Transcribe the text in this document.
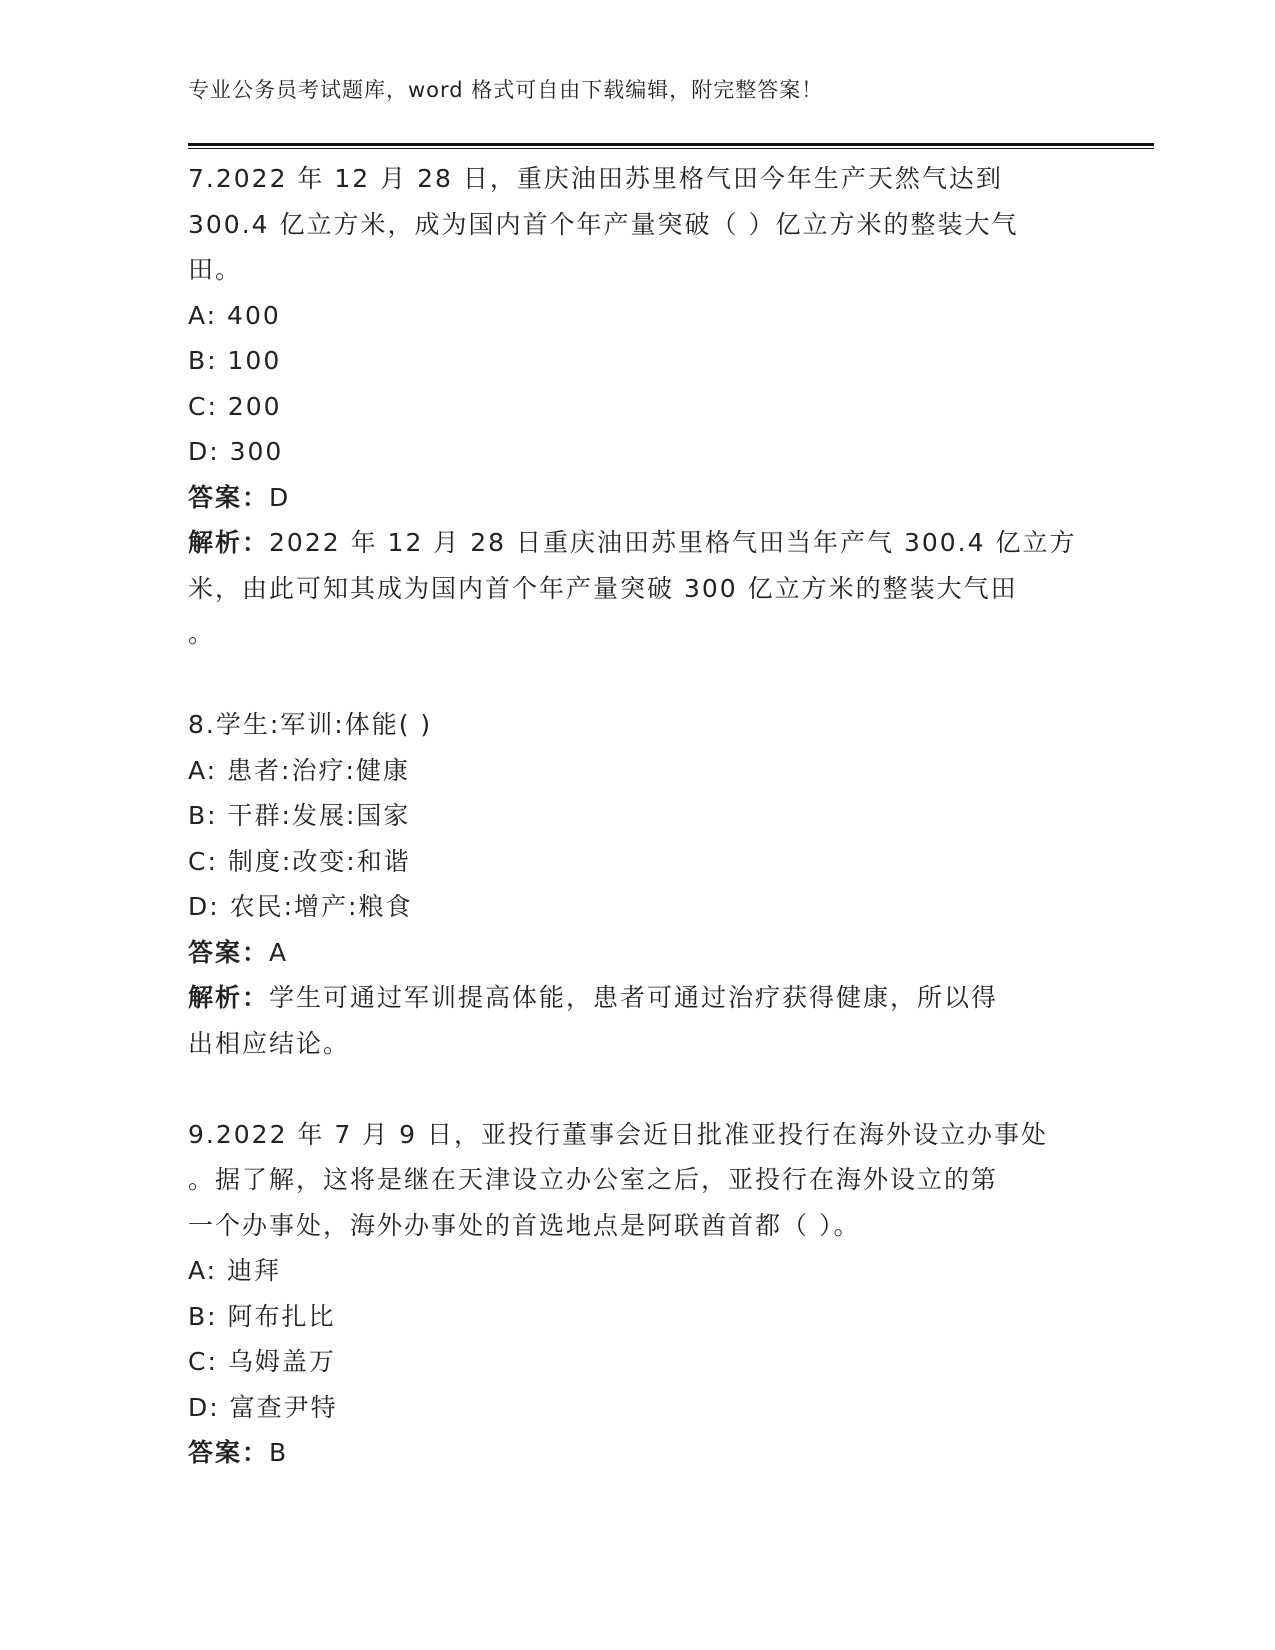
专业公务员考试题库，word 格式可自由下载编辑，附完整答案！
7.2022 年 12 月 28 日，重庆油田苏里格气田今年生产天然气达到
300.4 亿立方米，成为国内首个年产量突破（ ）亿立方米的整装大气
田。
A: 400
B: 100
C: 200
D: 300
答案：D
解析：2022 年 12 月 28 日重庆油田苏里格气田当年产气 300.4 亿立方
米，由此可知其成为国内首个年产量突破 300 亿立方米的整装大气田
。
8.学生:军训:体能( )
A: 患者:治疗:健康
B: 干群:发展:国家
C: 制度:改变:和谐
D: 农民:增产:粮食
答案：A
解析：学生可通过军训提高体能，患者可通过治疗获得健康，所以得
出相应结论。
9.2022 年 7 月 9 日，亚投行董事会近日批准亚投行在海外设立办事处
。据了解，这将是继在天津设立办公室之后，亚投行在海外设立的第
一个办事处，海外办事处的首选地点是阿联酋首都（ ）。
A: 迪拜
B: 阿布扎比
C: 乌姆盖万
D: 富查尹特
答案：B
